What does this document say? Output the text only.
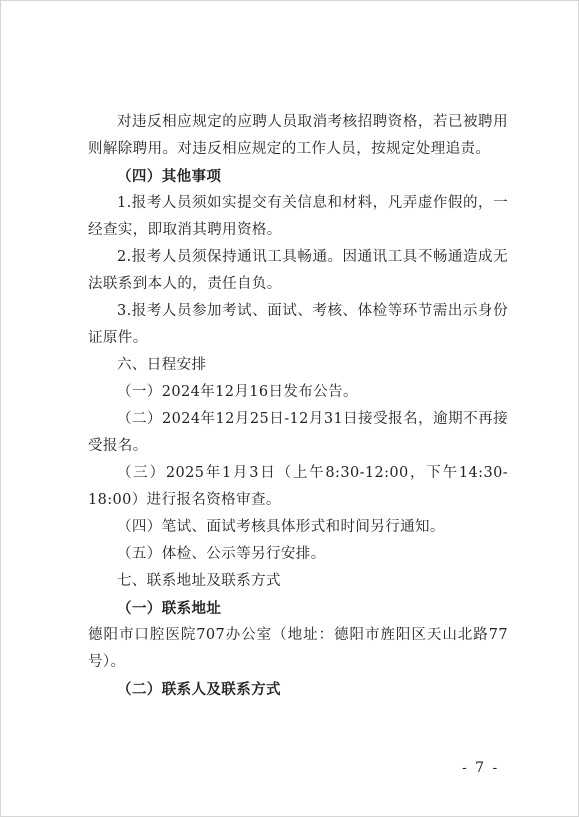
对违反相应规定的应聘人员取消考核招聘资格，若已被聘用则解除聘用。对违反相应规定的工作人员，按规定处理追责。

（四）其他事项

1.报考人员须如实提交有关信息和材料，凡弄虚作假的，一经查实，即取消其聘用资格。

2.报考人员须保持通讯工具畅通。因通讯工具不畅通造成无法联系到本人的，责任自负。

3.报考人员参加考试、面试、考核、体检等环节需出示身份证原件。

六、日程安排

（一）2024年12月16日发布公告。

（二）2024年12月25日-12月31日接受报名，逾期不再接受报名。

（三）2025年1月3日（上午8:30-12:00，下午14:30-18:00）进行报名资格审查。

（四）笔试、面试考核具体形式和时间另行通知。

（五）体检、公示等另行安排。

七、联系地址及联系方式

（一）联系地址

德阳市口腔医院707办公室（地址：德阳市旌阳区天山北路77号）。

（二）联系人及联系方式

- 7 -
